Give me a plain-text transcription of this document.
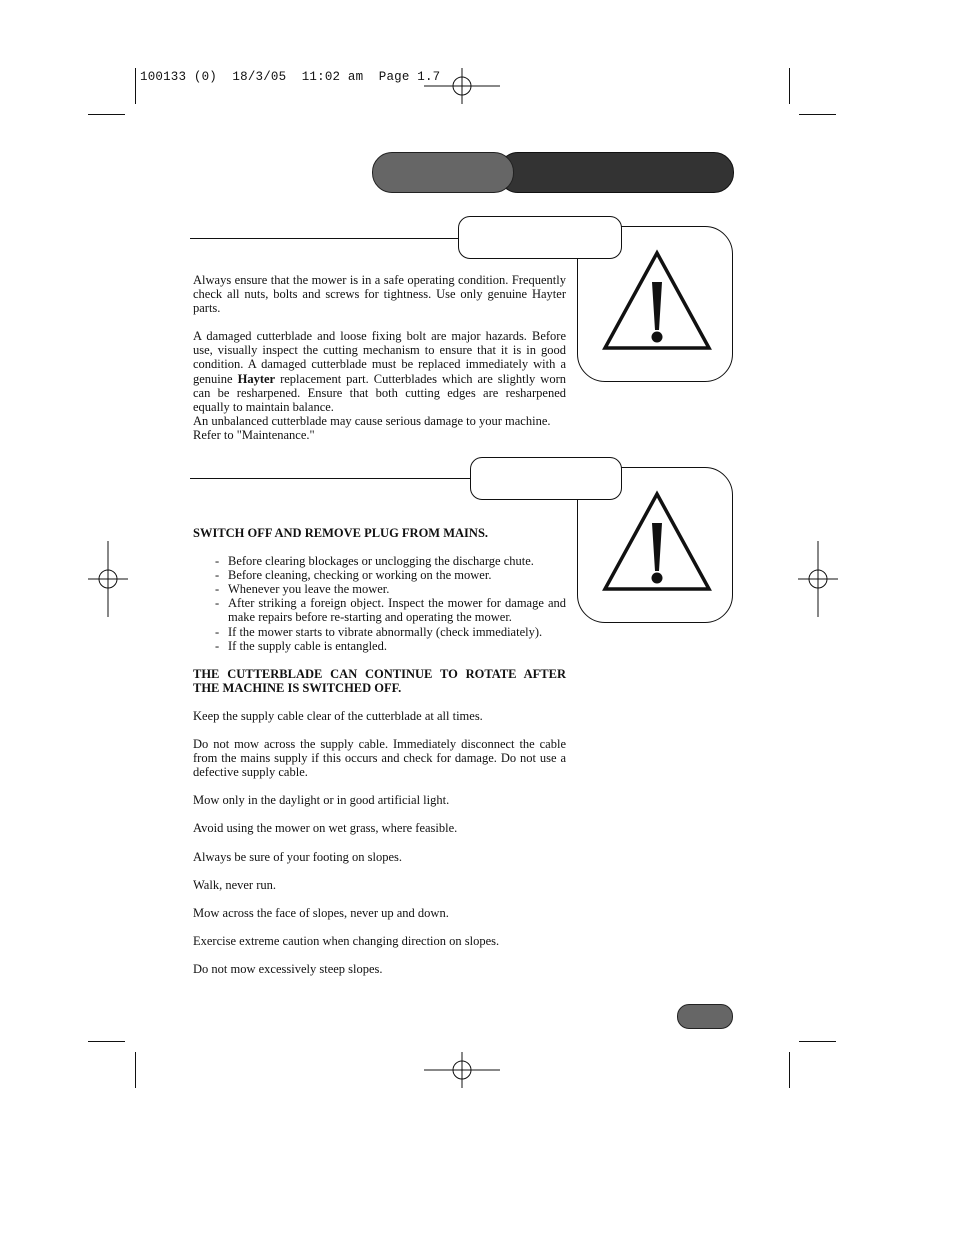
100133 (0)  18/3/05  11:02 am  Page 1.7

Always ensure that the mower is in a safe operating condition. Frequently check all nuts, bolts and screws for tightness. Use only genuine Hayter parts.

A damaged cutterblade and loose fixing bolt are major hazards. Before use, visually inspect the cutting mechanism to ensure that it is in good condition. A damaged cutterblade must be replaced immediately with a genuine Hayter replacement part. Cutterblades which are slightly worn can be resharpened. Ensure that both cutting edges are resharpened equally to maintain balance.

An unbalanced cutterblade may cause serious damage to your machine.

Refer to "Maintenance."

SWITCH OFF AND REMOVE PLUG FROM MAINS.

- Before clearing blockages or unclogging the discharge chute.
- Before cleaning, checking or working on the mower.
- Whenever you leave the mower.
- After striking a foreign object. Inspect the mower for damage and make repairs before re-starting and operating the mower.
- If the mower starts to vibrate abnormally (check immediately).
- If the supply cable is entangled.

THE CUTTERBLADE CAN CONTINUE TO ROTATE AFTER THE MACHINE IS SWITCHED OFF.

Keep the supply cable clear of the cutterblade at all times.

Do not mow across the supply cable. Immediately disconnect the cable from the mains supply if this occurs and check for damage. Do not use a defective supply cable.

Mow only in the daylight or in good artificial light.

Avoid using the mower on wet grass, where feasible.

Always be sure of your footing on slopes.

Walk, never run.

Mow across the face of slopes, never up and down.

Exercise extreme caution when changing direction on slopes.

Do not mow excessively steep slopes.
